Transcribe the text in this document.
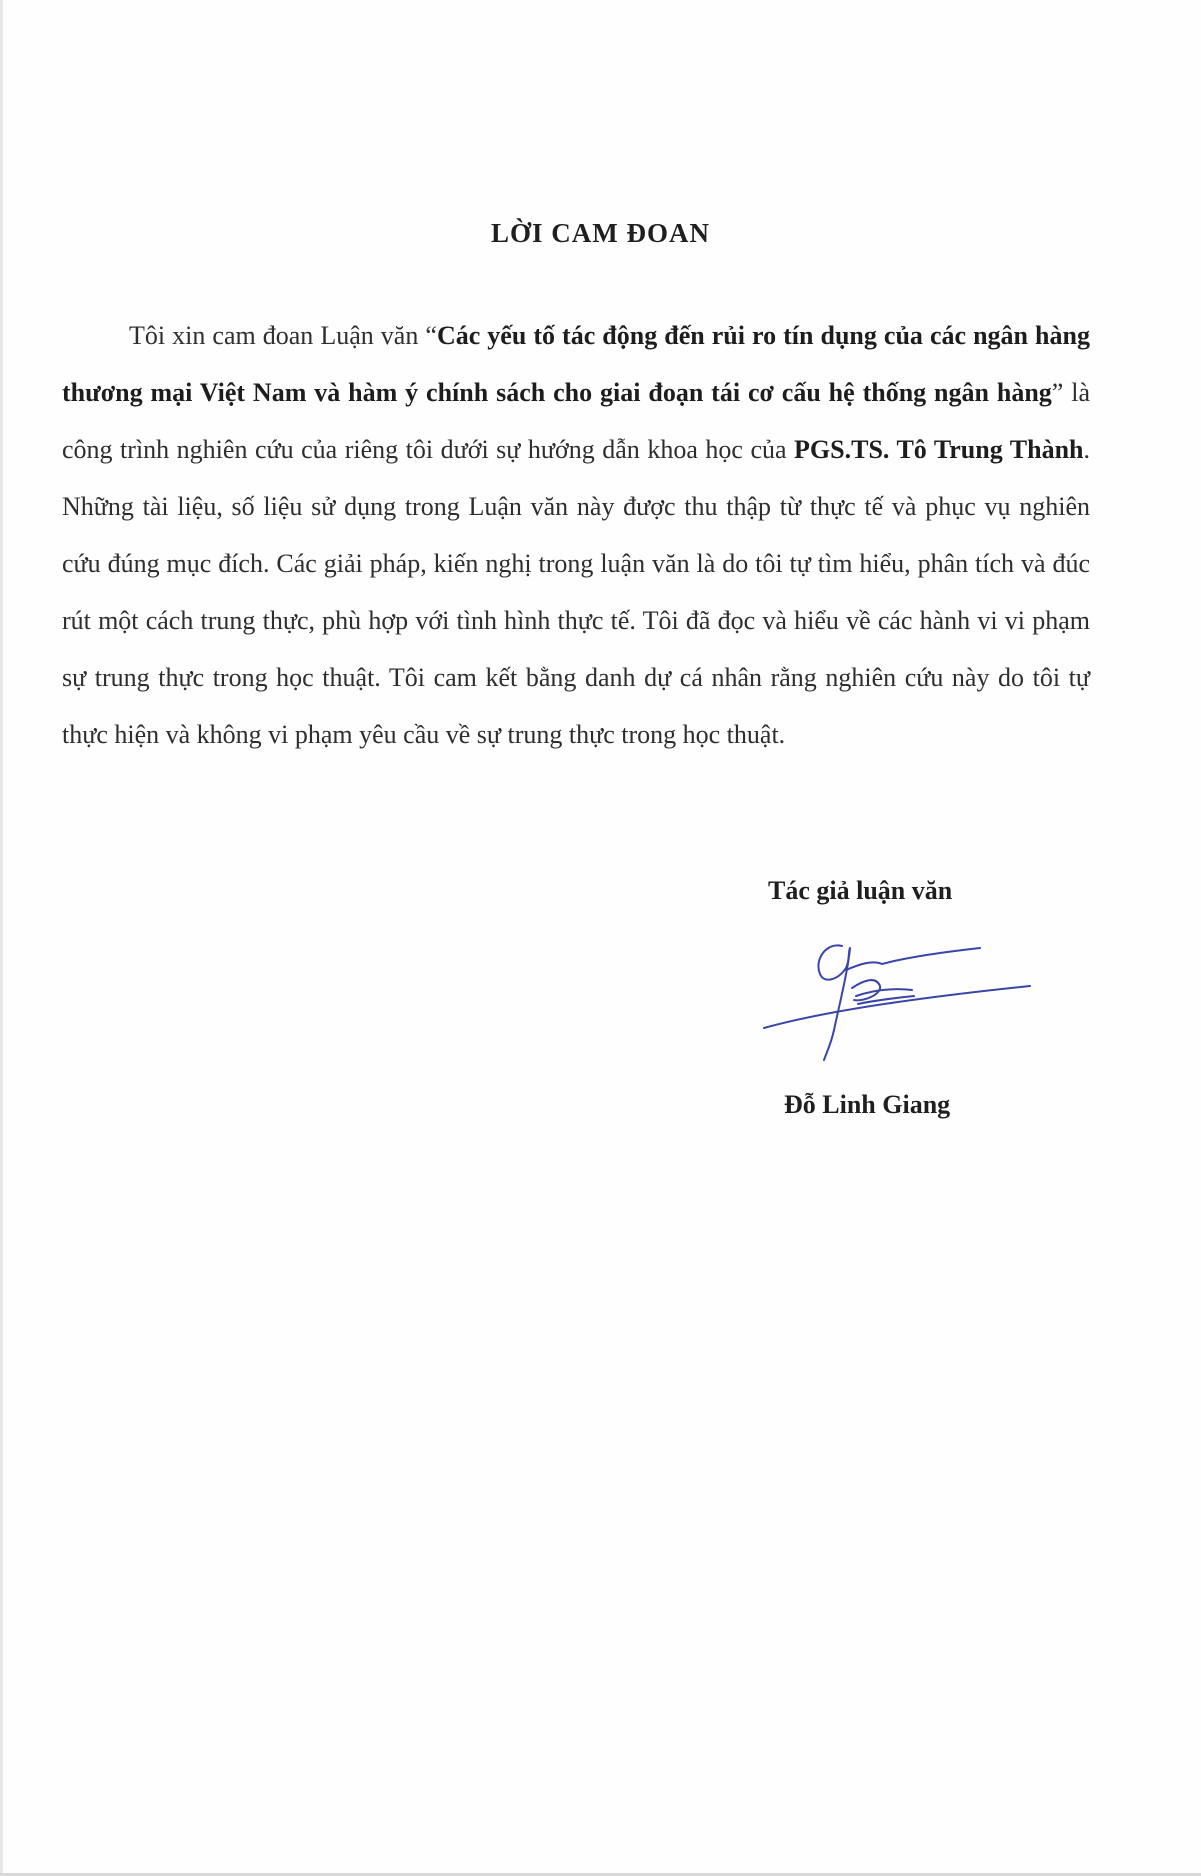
LỜI CAM ĐOAN

Tôi xin cam đoan Luận văn “Các yếu tố tác động đến rủi ro tín dụng của các ngân hàng thương mại Việt Nam và hàm ý chính sách cho giai đoạn tái cơ cấu hệ thống ngân hàng” là công trình nghiên cứu của riêng tôi dưới sự hướng dẫn khoa học của PGS.TS. Tô Trung Thành. Những tài liệu, số liệu sử dụng trong Luận văn này được thu thập từ thực tế và phục vụ nghiên cứu đúng mục đích. Các giải pháp, kiến nghị trong luận văn là do tôi tự tìm hiểu, phân tích và đúc rút một cách trung thực, phù hợp với tình hình thực tế. Tôi đã đọc và hiểu về các hành vi vi phạm sự trung thực trong học thuật. Tôi cam kết bằng danh dự cá nhân rằng nghiên cứu này do tôi tự thực hiện và không vi phạm yêu cầu về sự trung thực trong học thuật.

Tác giả luận văn
Đỗ Linh Giang
